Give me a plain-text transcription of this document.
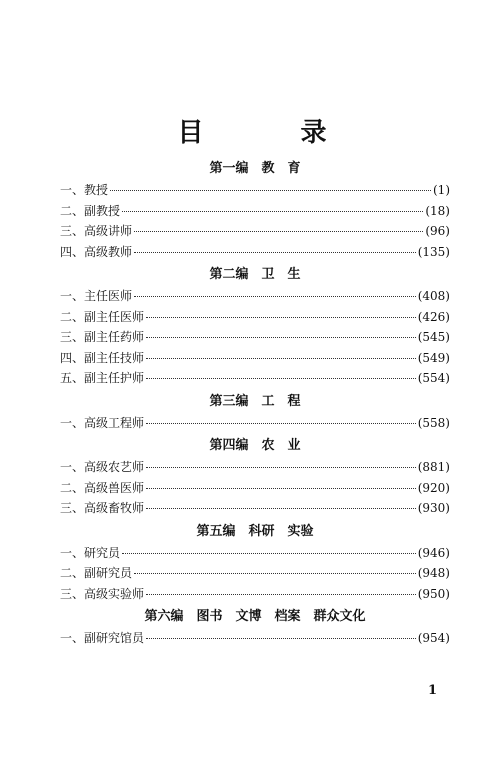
目 录
第一编　教　育
一、教授	(1)
二、副教授	(18)
三、高级讲师	(96)
四、高级教师	(135)
第二编　卫　生
一、主任医师	(408)
二、副主任医师	(426)
三、副主任药师	(545)
四、副主任技师	(549)
五、副主任护师	(554)
第三编　工　程
一、高级工程师	(558)
第四编　农　业
一、高级农艺师	(881)
二、高级兽医师	(920)
三、高级畜牧师	(930)
第五编　科研　实验
一、研究员	(946)
二、副研究员	(948)
三、高级实验师	(950)
第六编　图书　文博　档案　群众文化
一、副研究馆员	(954)
1
